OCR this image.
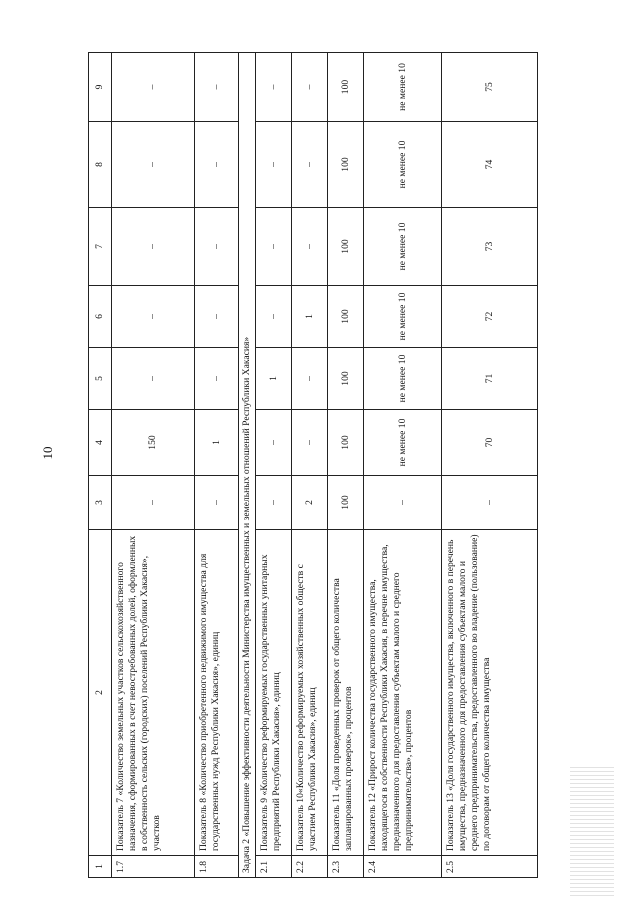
10
1	2	3	4	5	6	7	8	9
1.7	Показатель 7 «Количество земельных участков сельскохозяйственного назначения, сформированных в счет невостребованных долей, оформленных в собственность сельских (городских) поселений Республики Хакасия», участков	–	150	–	–	–	–	–
1.8	Показатель 8 «Количество приобретенного недвижимого имущества для государственных нужд Республики Хакасия», единиц	–	1	–	–	–	–	–
Задача 2 «Повышение эффективности деятельности Министерства имущественных и земельных отношений Республики Хакасия»								
2.1	Показатель 9 «Количество реформируемых государственных унитарных предприятий Республики Хакасия», единиц	–	–	1	–	–	–	–
2.2	Показатель 10«Количество реформируемых хозяйственных обществ с участием Республики Хакасия», единиц	2	–	–	1	–	–	–
2.3	Показатель 11 «Доля проведенных проверок от общего количества запланированных проверок», процентов	100	100	100	100	100	100	100
2.4	Показатель 12 «Прирост количества государственного имущества, находящегося в собственности Республики Хакасия, в перечне имущества, предназначенного для предоставления субъектам малого и среднего предпринимательства», процентов	–	не менее 10	не менее 10	не менее 10	не менее 10	не менее 10	не менее 10
2.5	Показатель 13 «Доля государственного имущества, включенного в перечень имущества, предназначенного для предоставления субъектам малого и среднего предпринимательства, предоставленного во владение (пользование) по договорам от общего количества имущества	–	70	71	72	73	74	75
